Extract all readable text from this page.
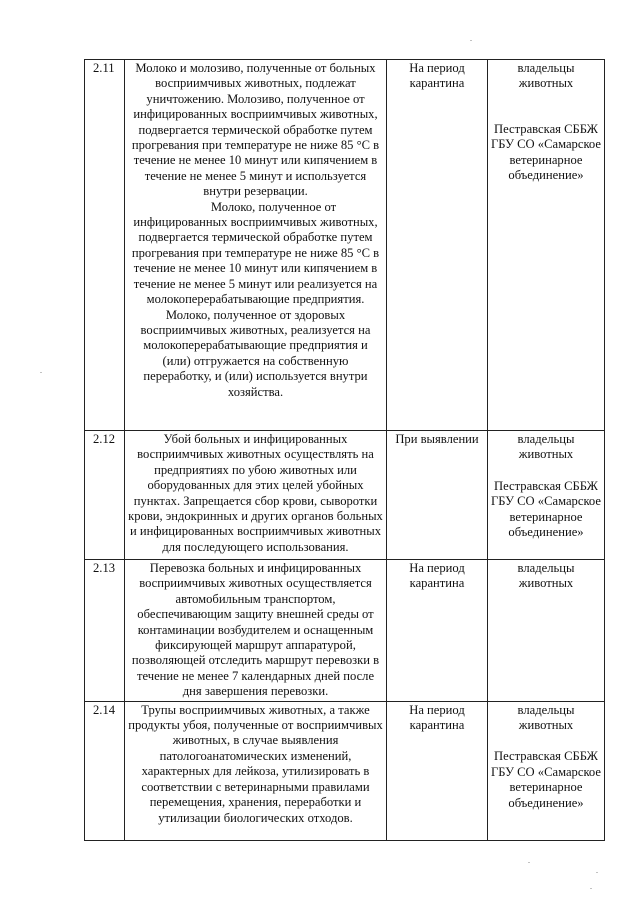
2.11	Молоко и молозиво, полученные от больных восприимчивых животных, подлежат уничтожению. Молозиво, полученное от инфицированных восприимчивых животных, подвергается термической обработке путем прогревания при температуре не ниже 85 °С в течение не менее 10 минут или кипячением в течение не менее 5 минут и используется внутри резервации.
Молоко, полученное от инфицированных восприимчивых животных, подвергается термической обработке путем прогревания при температуре не ниже 85 °С в течение не менее 10 минут или кипячением в течение не менее 5 минут или реализуется на молокоперерабатывающие предприятия.
Молоко, полученное от здоровых восприимчивых животных, реализуется на молокоперерабатывающие предприятия и (или) отгружается на собственную переработку, и (или) используется внутри хозяйства.	На период карантина	владельцы животных
Пестравская СББЖ ГБУ СО «Самарское ветеринарное объединение»

2.12	Убой больных и инфицированных восприимчивых животных осуществлять на предприятиях по убою животных или оборудованных для этих целей убойных пунктах. Запрещается сбор крови, сыворотки крови, эндокринных и других органов больных и инфицированных восприимчивых животных для последующего использования.	При выявлении	владельцы животных
Пестравская СББЖ ГБУ СО «Самарское ветеринарное объединение»

2.13	Перевозка больных и инфицированных восприимчивых животных осуществляется автомобильным транспортом, обеспечивающим защиту внешней среды от контаминации возбудителем и оснащенным фиксирующей маршрут аппаратурой, позволяющей отследить маршрут перевозки в течение не менее 7 календарных дней после дня завершения перевозки.	На период карантина	владельцы животных

2.14	Трупы восприимчивых животных, а также продукты убоя, полученные от восприимчивых животных, в случае выявления патологоанатомических изменений, характерных для лейкоза, утилизировать в соответствии с ветеринарными правилами перемещения, хранения, переработки и утилизации биологических отходов.	На период карантина	владельцы животных
Пестравская СББЖ ГБУ СО «Самарское ветеринарное объединение»
